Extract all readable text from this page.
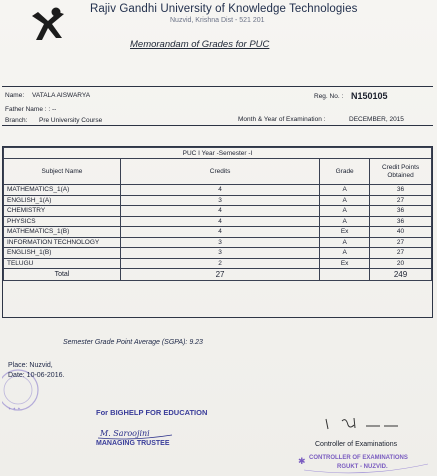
Rajiv Gandhi University of Knowledge Technologies
Nuzvid, Krishna Dist - 521 201
Memorandam of Grades for PUC
Name: VATALA AISWARYA	Reg. No. : N150105
Father Name : : --
Branch: Pre University Course	Month & Year of Examination :	DECEMBER, 2015
PUC I Year -Semester -I			
Subject Name	Credits	Grade	Credit Points Obtained
MATHEMATICS_1(A)	4	A	36
ENGLISH_1(A)	3	A	27
CHEMISTRY	4	A	36
PHYSICS	4	A	36
MATHEMATICS_1(B)	4	Ex	40
INFORMATION TECHNOLOGY	3	A	27
ENGLISH_1(B)	3	A	27
TELUGU	2	Ex	20
Total	27		249
Semester Grade Point Average (SGPA): 9.23
✦ ✦ ✦
Place: Nuzvid,
Date: 10-06-2016.
For BIGHELP FOR EDUCATION
M. Saroojini
MANAGING TRUSTEE	Controller of Examinations
✱ CONTROLLER OF EXAMINATIONS
RGUKT - NUZVID.
